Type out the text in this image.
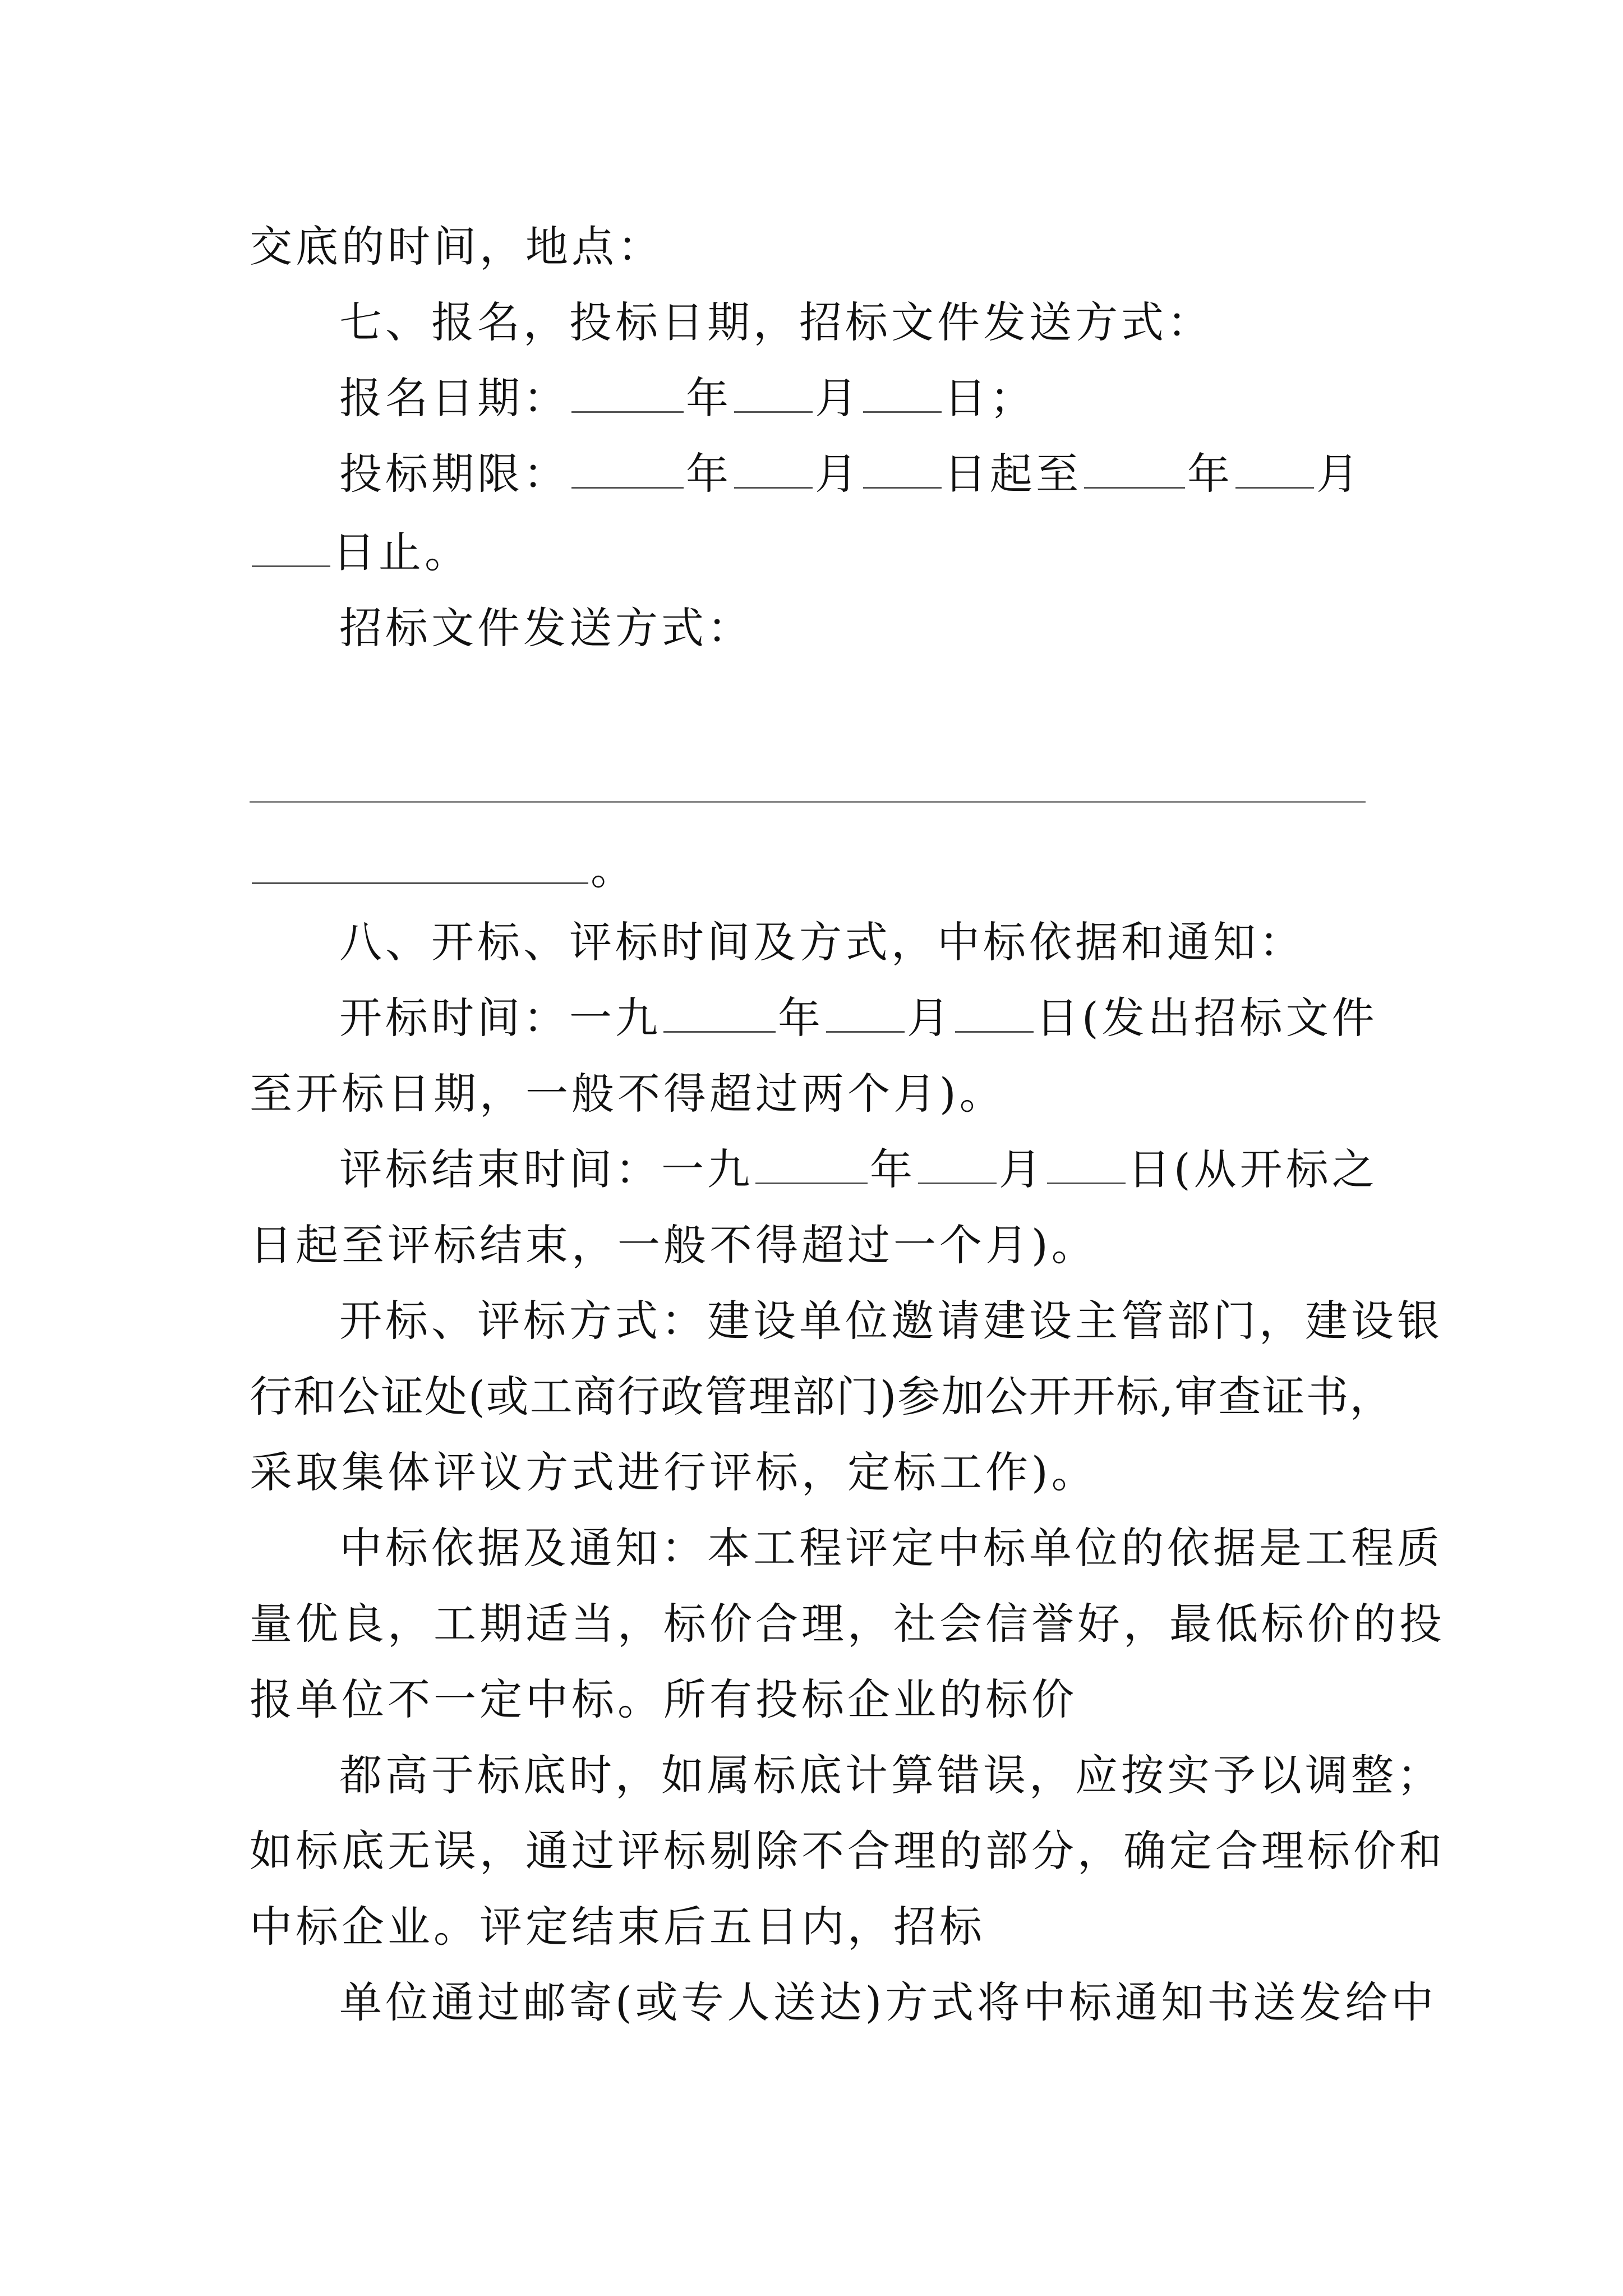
交底的时间，地点：
七、报名，投标日期，招标文件发送方式：
报名日期：	年 月 日；
投标期限：	年 月 日起至 年 月
日止。
招标文件发送方式：
。
八、开标、评标时间及方式，中标依据和通知：
开标时间：一九	年 月 日(发出招标文件
至开标日期，一般不得超过两个月)。
评标结束时间：一九	年 月 日(从开标之
日起至评标结束，一般不得超过一个月)。
开标、评标方式：建设单位邀请建设主管部门，建设银
行和公证处(或工商行政管理部门)参加公开开标,审查证书，
采取集体评议方式进行评标，定标工作)。
中标依据及通知：本工程评定中标单位的依据是工程质
量优良，工期适当，标价合理，社会信誉好，最低标价的投
报单位不一定中标。所有投标企业的标价
都高于标底时，如属标底计算错误，应按实予以调整；
如标底无误，通过评标剔除不合理的部分，确定合理标价和
中标企业。评定结束后五日内，招标
单位通过邮寄(或专人送达)方式将中标通知书送发给中
